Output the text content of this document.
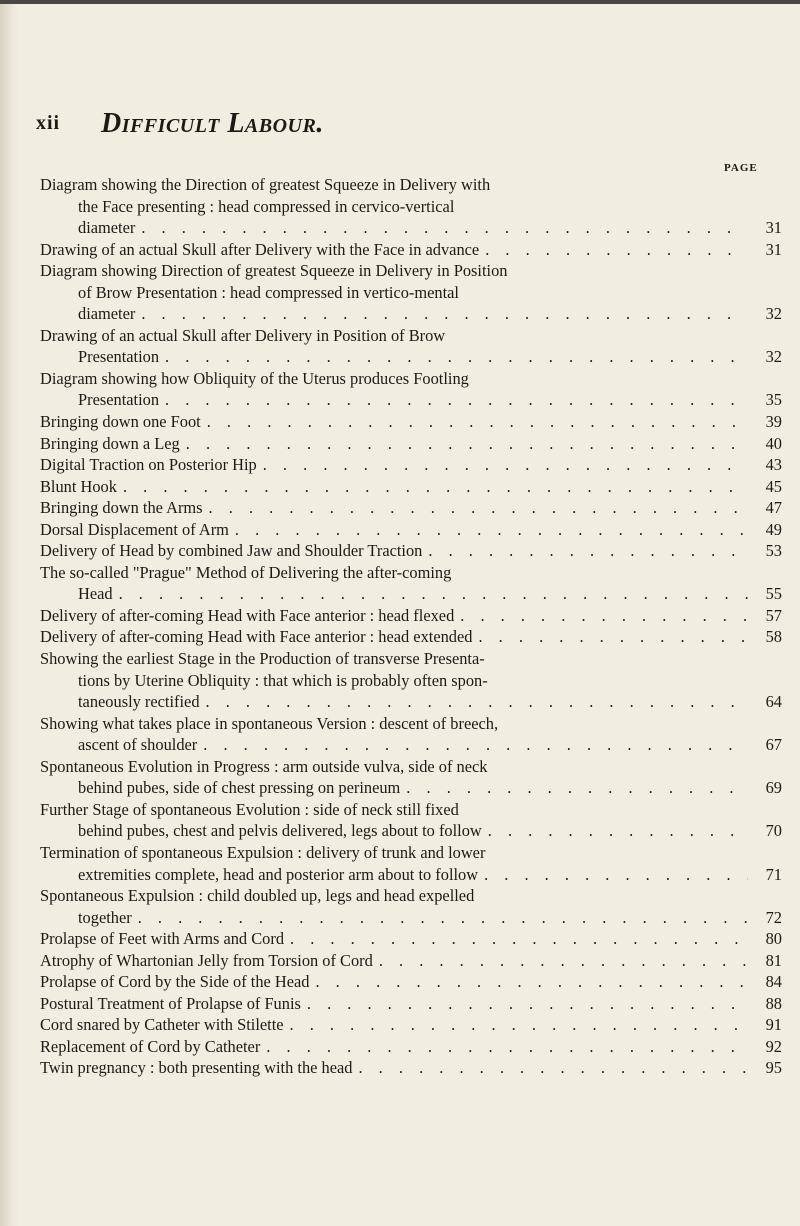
xii Difficult Labour.
PAGE
Diagram showing the Direction of greatest Squeeze in Delivery with
the Face presenting : head compressed in cervico-vertical
diameter . . .	31
Drawing of an actual Skull after Delivery with the Face in advance . . .	31
Diagram showing Direction of greatest Squeeze in Delivery in Position
of Brow Presentation : head compressed in vertico-mental
diameter . . .	32
Drawing of an actual Skull after Delivery in Position of Brow
Presentation . . .	32
Diagram showing how Obliquity of the Uterus produces Footling
Presentation . . .	35
Bringing down one Foot . . .	39
Bringing down a Leg . . .	40
Digital Traction on Posterior Hip . . .	43
Blunt Hook . . .	45
Bringing down the Arms . . .	47
Dorsal Displacement of Arm . . .	49
Delivery of Head by combined Jaw and Shoulder Traction . . .	53
The so-called "Prague" Method of Delivering the after-coming
Head . . .	55
Delivery of after-coming Head with Face anterior : head flexed . . .	57
Delivery of after-coming Head with Face anterior : head extended . . .	58
Showing the earliest Stage in the Production of transverse Presenta-
tions by Uterine Obliquity : that which is probably often spon-
taneously rectified . . .	64
Showing what takes place in spontaneous Version : descent of breech,
ascent of shoulder . . .	67
Spontaneous Evolution in Progress : arm outside vulva, side of neck
behind pubes, side of chest pressing on perineum . . .	69
Further Stage of spontaneous Evolution : side of neck still fixed
behind pubes, chest and pelvis delivered, legs about to follow . . .	70
Termination of spontaneous Expulsion : delivery of trunk and lower
extremities complete, head and posterior arm about to follow . . .	71
Spontaneous Expulsion : child doubled up, legs and head expelled
together . . .	72
Prolapse of Feet with Arms and Cord . . .	80
Atrophy of Whartonian Jelly from Torsion of Cord . . .	81
Prolapse of Cord by the Side of the Head . . .	84
Postural Treatment of Prolapse of Funis . . .	88
Cord snared by Catheter with Stilette . . .	91
Replacement of Cord by Catheter . . .	92
Twin pregnancy : both presenting with the head . . .	95
